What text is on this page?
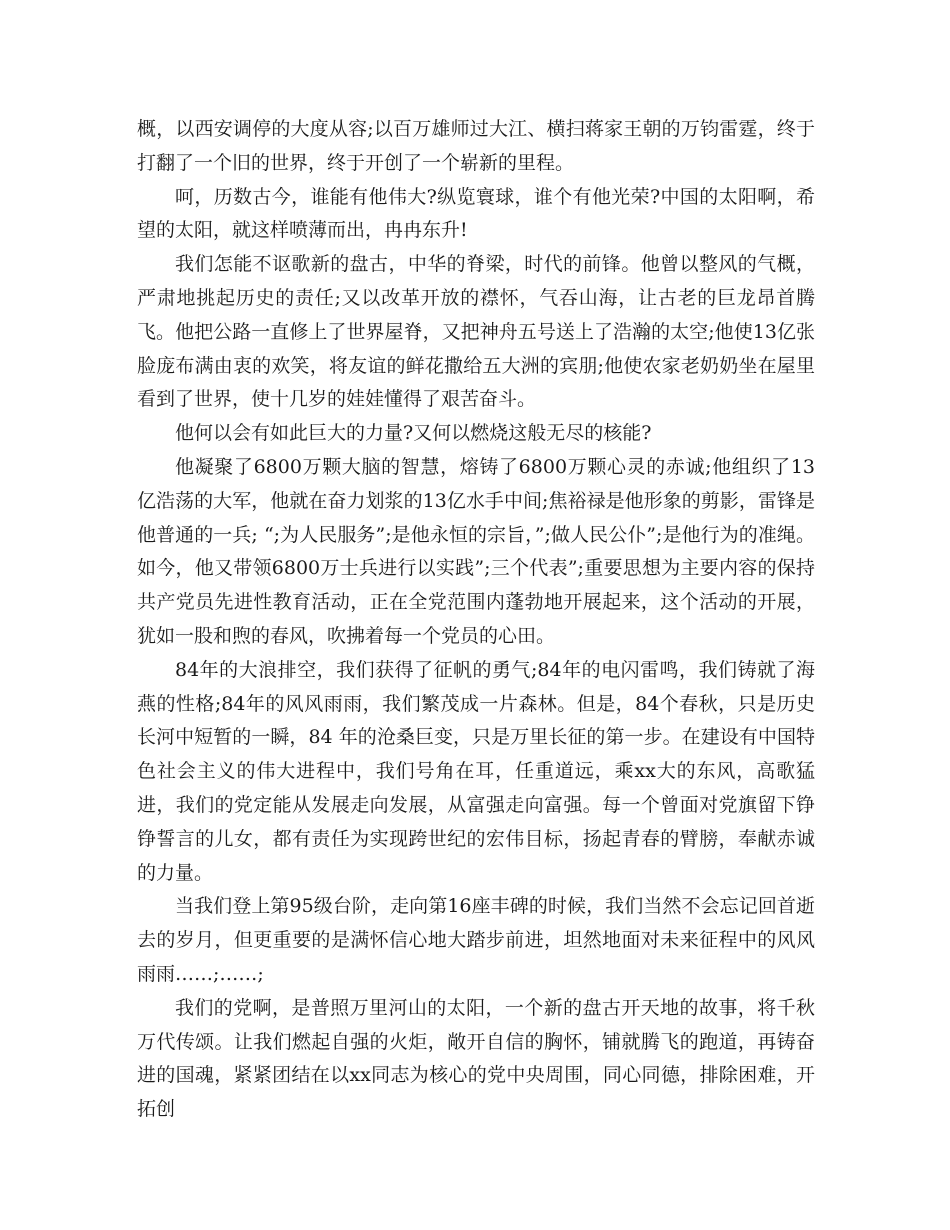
概，以西安调停的大度从容;以百万雄师过大江、横扫蒋家王朝的万钧雷霆，终于打翻了一个旧的世界，终于开创了一个崭新的里程。

呵，历数古今，谁能有他伟大?纵览寰球，谁个有他光荣?中国的太阳啊，希望的太阳，就这样喷薄而出，冉冉东升!

我们怎能不讴歌新的盘古，中华的脊梁，时代的前锋。他曾以整风的气概，严肃地挑起历史的责任;又以改革开放的襟怀，气吞山海，让古老的巨龙昂首腾飞。他把公路一直修上了世界屋脊，又把神舟五号送上了浩瀚的太空;他使13亿张脸庞布满由衷的欢笑，将友谊的鲜花撒给五大洲的宾朋;他使农家老奶奶坐在屋里看到了世界，使十几岁的娃娃懂得了艰苦奋斗。

他何以会有如此巨大的力量?又何以燃烧这般无尽的核能?

他凝聚了6800万颗大脑的智慧，熔铸了6800万颗心灵的赤诚;他组织了13亿浩荡的大军，他就在奋力划浆的13亿水手中间;焦裕禄是他形象的剪影，雷锋是他普通的一兵; “;为人民服务”;是他永恒的宗旨，”;做人民公仆”;是他行为的准绳。如今，他又带领6800万士兵进行以实践”;三个代表”;重要思想为主要内容的保持共产党员先进性教育活动，正在全党范围内蓬勃地开展起来，这个活动的开展，犹如一股和煦的春风，吹拂着每一个党员的心田。

84年的大浪排空，我们获得了征帆的勇气;84年的电闪雷鸣，我们铸就了海燕的性格;84年的风风雨雨，我们繁茂成一片森林。但是，84个春秋，只是历史长河中短暂的一瞬，84 年的沧桑巨变，只是万里长征的第一步。在建设有中国特色社会主义的伟大进程中，我们号角在耳，任重道远，乘xx大的东风，高歌猛进，我们的党定能从发展走向发展，从富强走向富强。每一个曾面对党旗留下铮铮誓言的儿女，都有责任为实现跨世纪的宏伟目标，扬起青春的臂膀，奉献赤诚的力量。

当我们登上第95级台阶，走向第16座丰碑的时候，我们当然不会忘记回首逝去的岁月，但更重要的是满怀信心地大踏步前进，坦然地面对未来征程中的风风雨雨……;……;

我们的党啊，是普照万里河山的太阳，一个新的盘古开天地的故事，将千秋万代传颂。让我们燃起自强的火炬，敞开自信的胸怀，铺就腾飞的跑道，再铸奋进的国魂，紧紧团结在以xx同志为核心的党中央周围，同心同德，排除困难，开拓创
